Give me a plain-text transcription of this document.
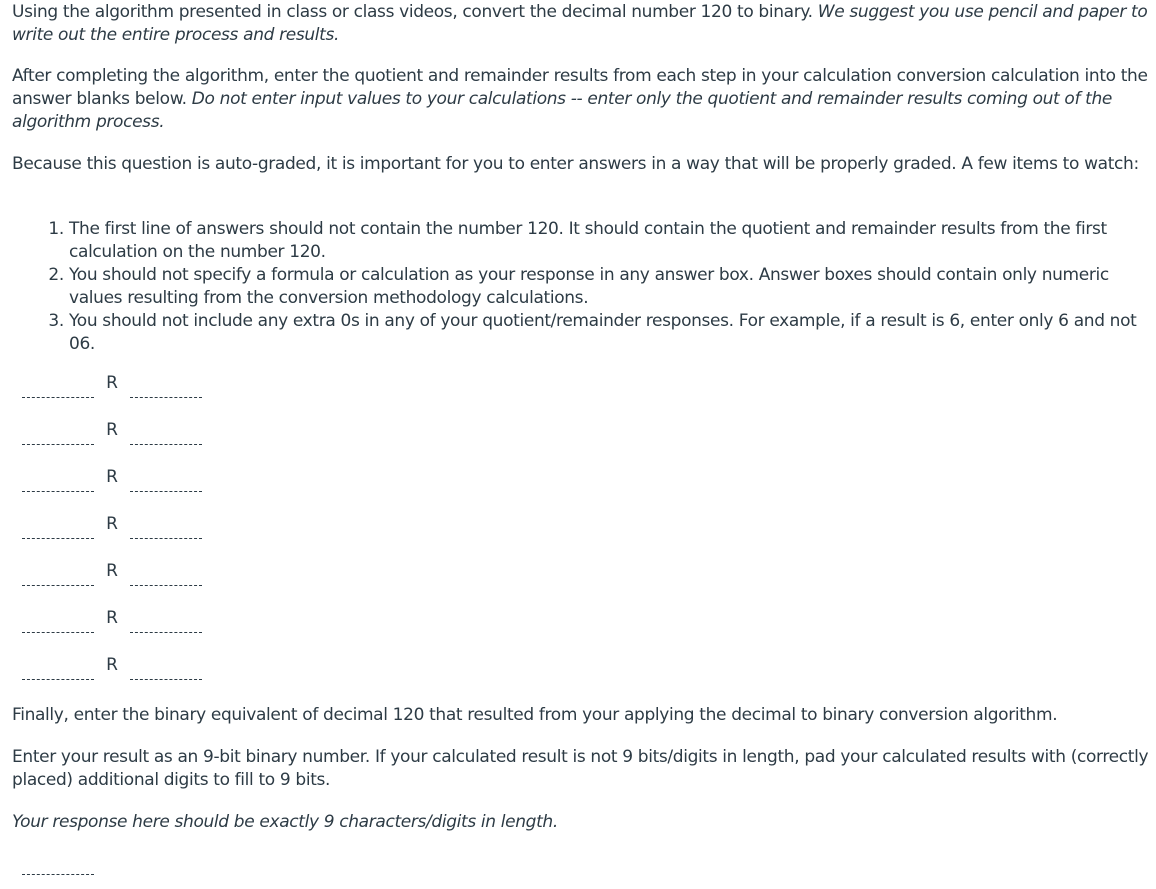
Using the algorithm presented in class or class videos, convert the decimal number 120 to binary. We suggest you use pencil and paper to write out the entire process and results.

After completing the algorithm, enter the quotient and remainder results from each step in your calculation conversion calculation into the answer blanks below. Do not enter input values to your calculations -- enter only the quotient and remainder results coming out of the algorithm process.

Because this question is auto-graded, it is important for you to enter answers in a way that will be properly graded. A few items to watch:

1. The first line of answers should not contain the number 120. It should contain the quotient and remainder results from the first calculation on the number 120.
2. You should not specify a formula or calculation as your response in any answer box. Answer boxes should contain only numeric values resulting from the conversion methodology calculations.
3. You should not include any extra 0s in any of your quotient/remainder responses. For example, if a result is 6, enter only 6 and not 06.
R
R
R
R
R
R
R

Finally, enter the binary equivalent of decimal 120 that resulted from your applying the decimal to binary conversion algorithm.

Enter your result as an 9-bit binary number. If your calculated result is not 9 bits/digits in length, pad your calculated results with (correctly placed) additional digits to fill to 9 bits.

Your response here should be exactly 9 characters/digits in length.
